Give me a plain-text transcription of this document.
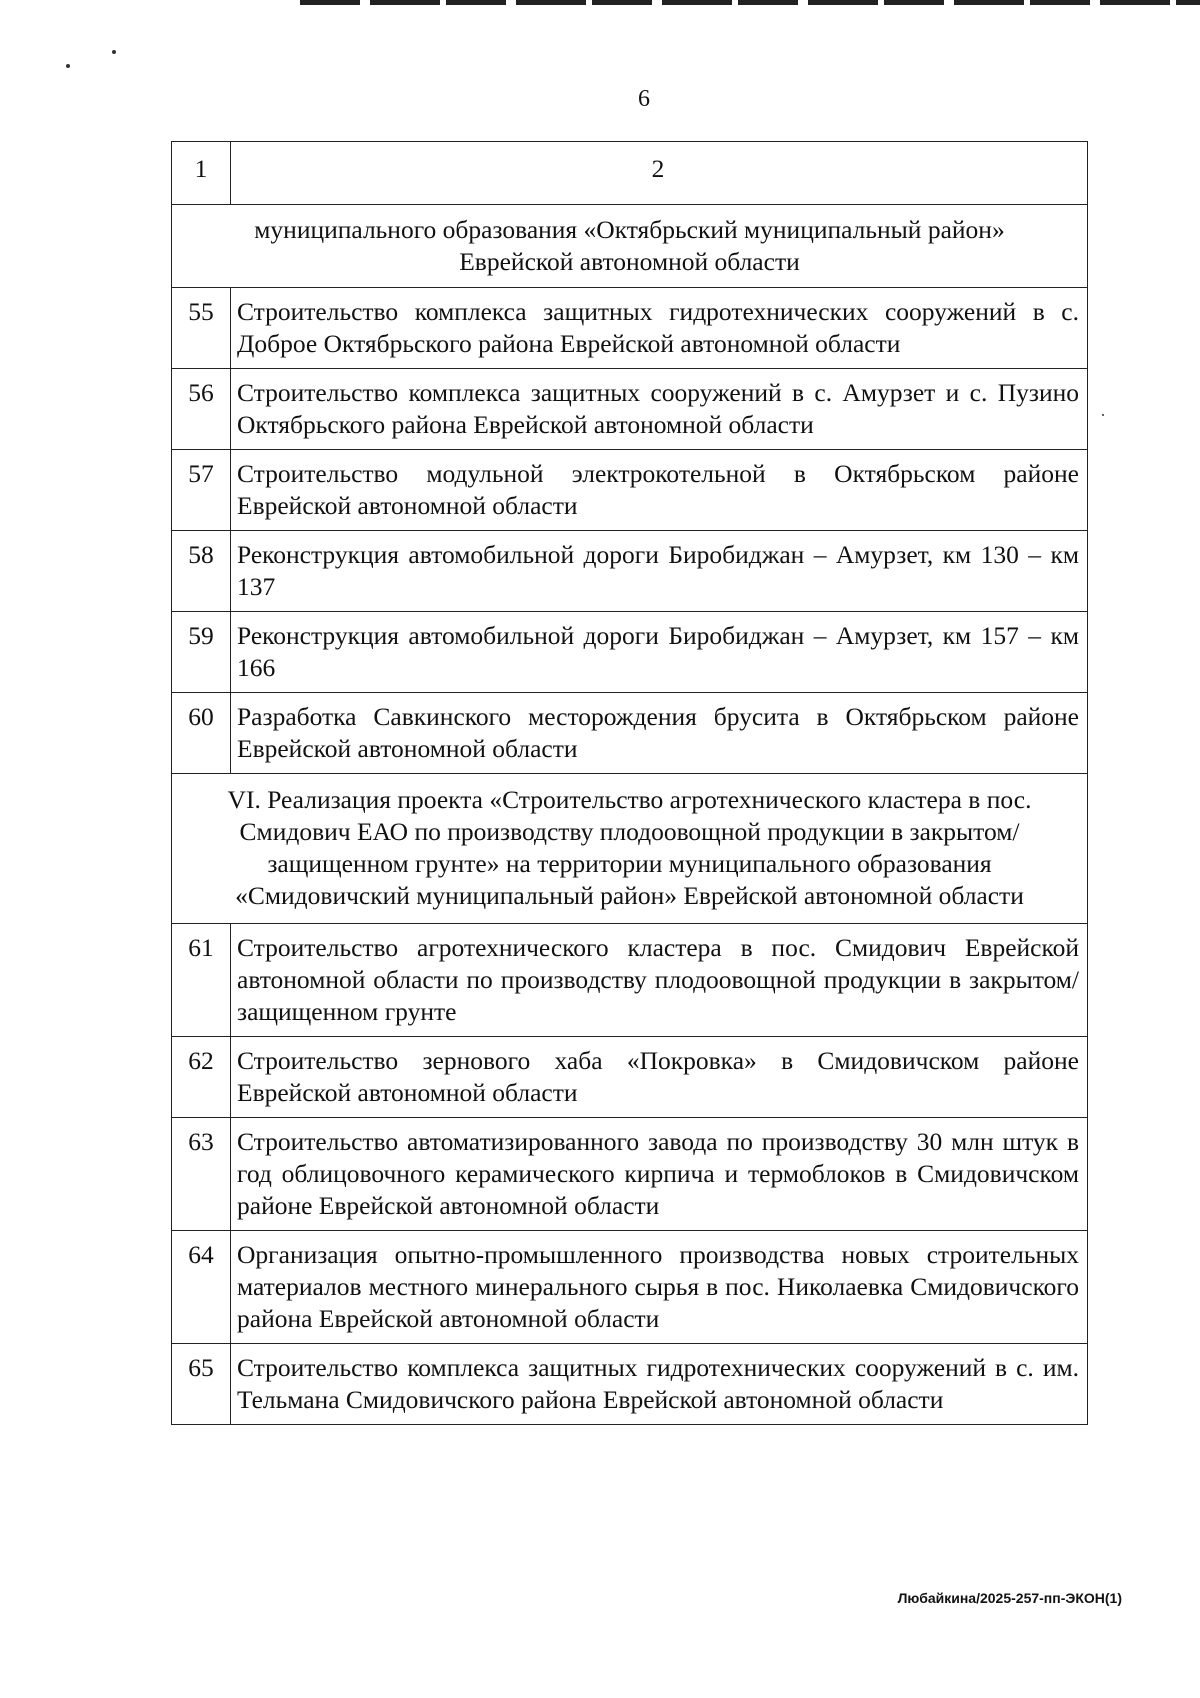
6
1	2
муниципального образования «Октябрьский муниципальный район» Еврейской автономной области	
55	Строительство комплекса защитных гидротехнических сооружений в с. Доброе Октябрьского района Еврейской автономной области
56	Строительство комплекса защитных сооружений в с. Амурзет и с. Пузино Октябрьского района Еврейской автономной области
57	Строительство модульной электрокотельной в Октябрьском районе Еврейской автономной области
58	Реконструкция автомобильной дороги Биробиджан – Амурзет, км 130 – км 137
59	Реконструкция автомобильной дороги Биробиджан – Амурзет, км 157 – км 166
60	Разработка Савкинского месторождения брусита в Октябрьском районе Еврейской автономной области
VI. Реализация проекта «Строительство агротехнического кластера в пос. Смидович ЕАО по производству плодоовощной продукции в закрытом/защищенном грунте» на территории муниципального образования «Смидовичский муниципальный район» Еврейской автономной области	
61	Строительство агротехнического кластера в пос. Смидович Еврейской автономной области по производству плодоовощной продукции в закрытом/защищенном грунте
62	Строительство зернового хаба «Покровка» в Смидовичском районе Еврейской автономной области
63	Строительство автоматизированного завода по производству 30 млн штук в год облицовочного керамического кирпича и термоблоков в Смидовичском районе Еврейской автономной области
64	Организация опытно-промышленного производства новых строительных материалов местного минерального сырья в пос. Николаевка Смидовичского района Еврейской автономной области
65	Строительство комплекса защитных гидротехнических сооружений в с. им. Тельмана Смидовичского района Еврейской автономной области
Любайкина/2025-257-пп-ЭКОН(1)
